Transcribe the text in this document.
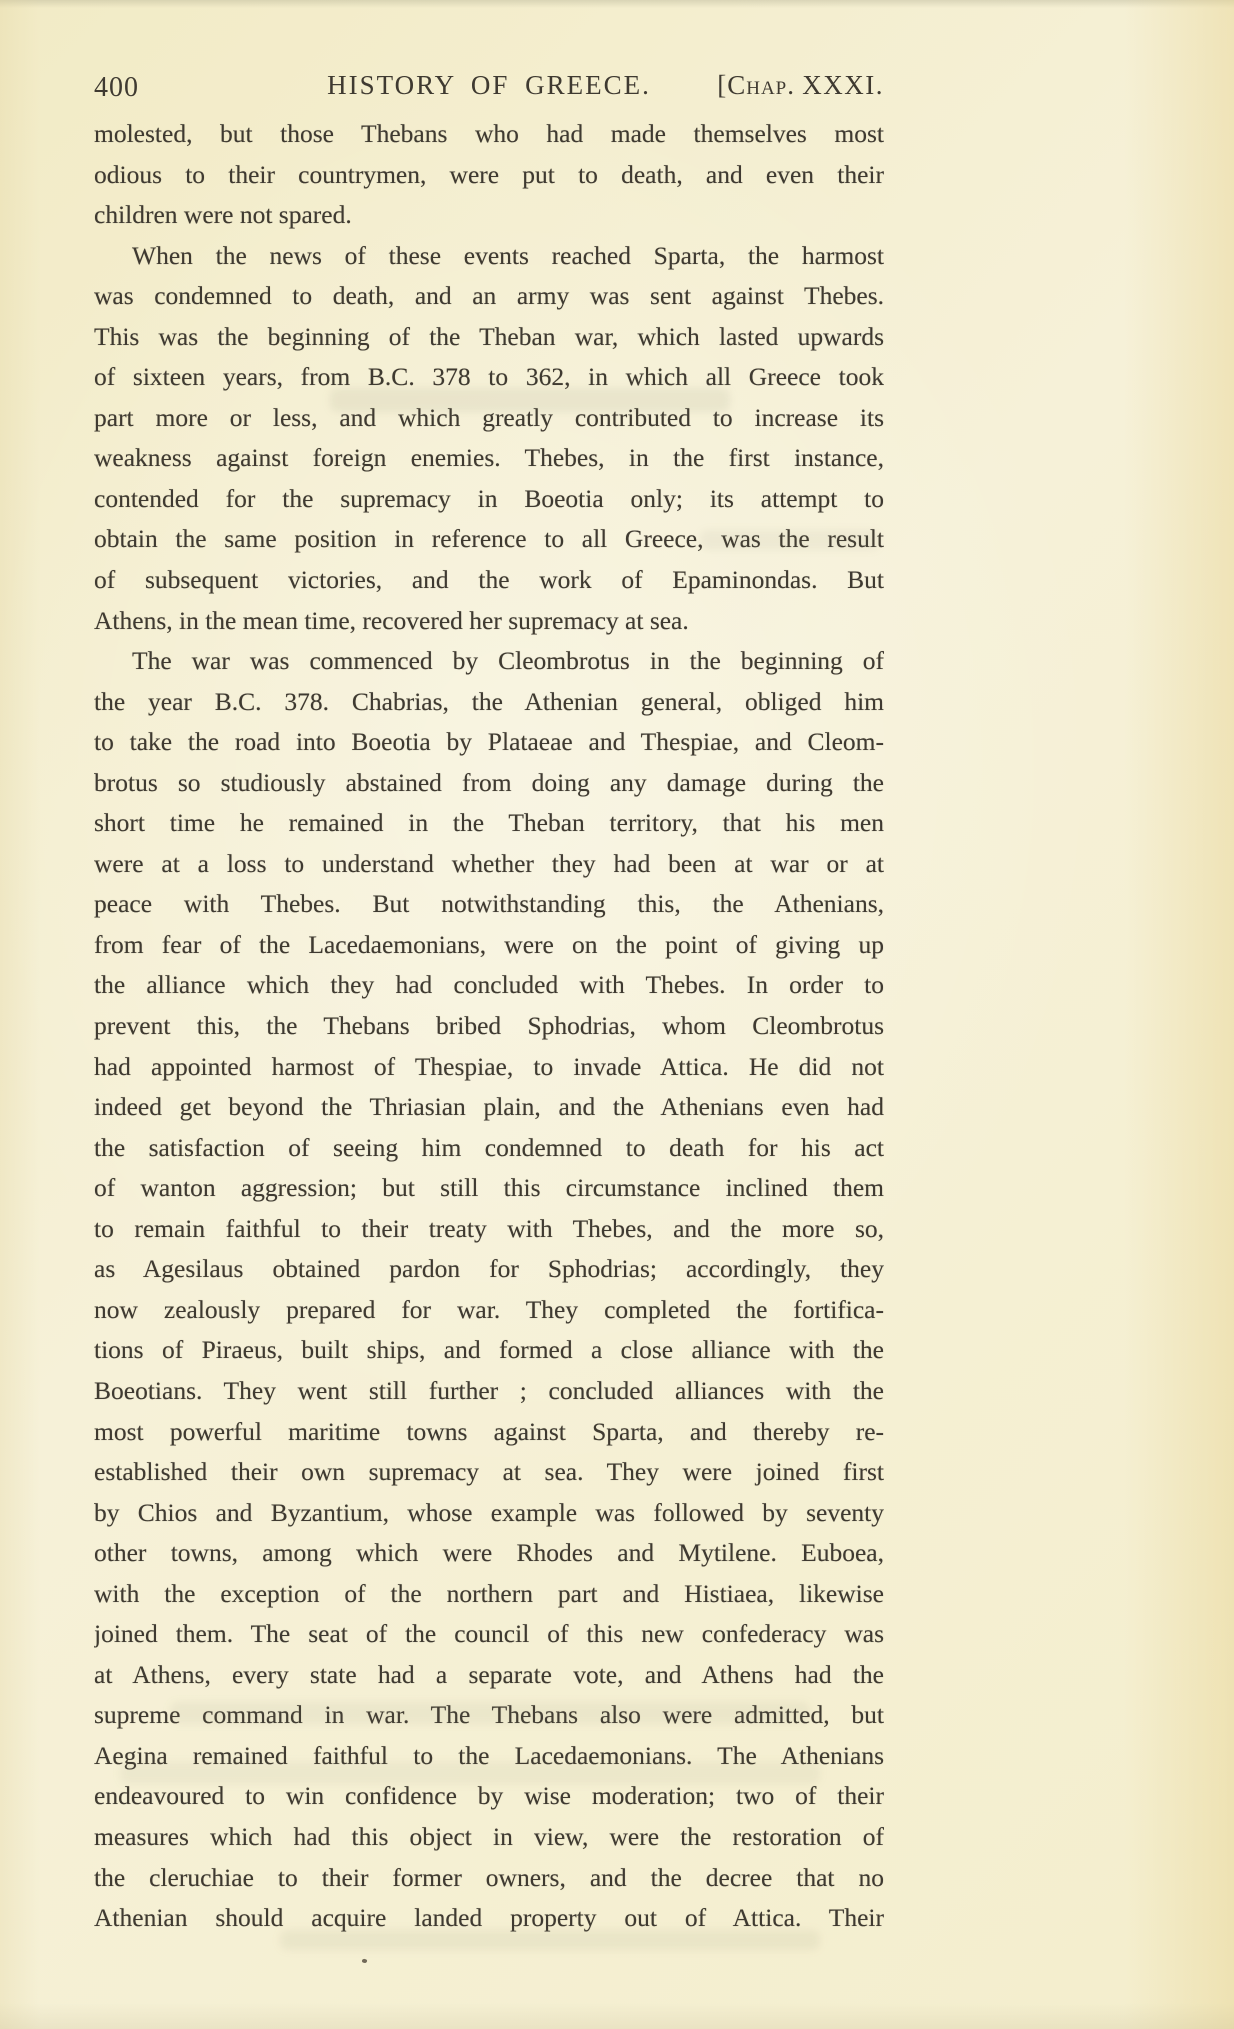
400	HISTORY OF GREECE.	[Chap. XXXI.
molested, but those Thebans who had made themselves most
odious to their countrymen, were put to death, and even their
children were not spared.
When the news of these events reached Sparta, the harmost
was condemned to death, and an army was sent against Thebes.
This was the beginning of the Theban war, which lasted upwards
of sixteen years, from B.C. 378 to 362, in which all Greece took
part more or less, and which greatly contributed to increase its
weakness against foreign enemies. Thebes, in the first instance,
contended for the supremacy in Boeotia only; its attempt to
obtain the same position in reference to all Greece, was the result
of subsequent victories, and the work of Epaminondas. But
Athens, in the mean time, recovered her supremacy at sea.
The war was commenced by Cleombrotus in the beginning of
the year B.C. 378. Chabrias, the Athenian general, obliged him
to take the road into Boeotia by Plataeae and Thespiae, and Cleom-
brotus so studiously abstained from doing any damage during the
short time he remained in the Theban territory, that his men
were at a loss to understand whether they had been at war or at
peace with Thebes. But notwithstanding this, the Athenians,
from fear of the Lacedaemonians, were on the point of giving up
the alliance which they had concluded with Thebes. In order to
prevent this, the Thebans bribed Sphodrias, whom Cleombrotus
had appointed harmost of Thespiae, to invade Attica. He did not
indeed get beyond the Thriasian plain, and the Athenians even had
the satisfaction of seeing him condemned to death for his act
of wanton aggression; but still this circumstance inclined them
to remain faithful to their treaty with Thebes, and the more so,
as Agesilaus obtained pardon for Sphodrias; accordingly, they
now zealously prepared for war. They completed the fortifica-
tions of Piraeus, built ships, and formed a close alliance with the
Boeotians. They went still further ; concluded alliances with the
most powerful maritime towns against Sparta, and thereby re-
established their own supremacy at sea. They were joined first
by Chios and Byzantium, whose example was followed by seventy
other towns, among which were Rhodes and Mytilene. Euboea,
with the exception of the northern part and Histiaea, likewise
joined them. The seat of the council of this new confederacy was
at Athens, every state had a separate vote, and Athens had the
supreme command in war. The Thebans also were admitted, but
Aegina remained faithful to the Lacedaemonians. The Athenians
endeavoured to win confidence by wise moderation; two of their
measures which had this object in view, were the restoration of
the cleruchiae to their former owners, and the decree that no
Athenian should acquire landed property out of Attica. Their
